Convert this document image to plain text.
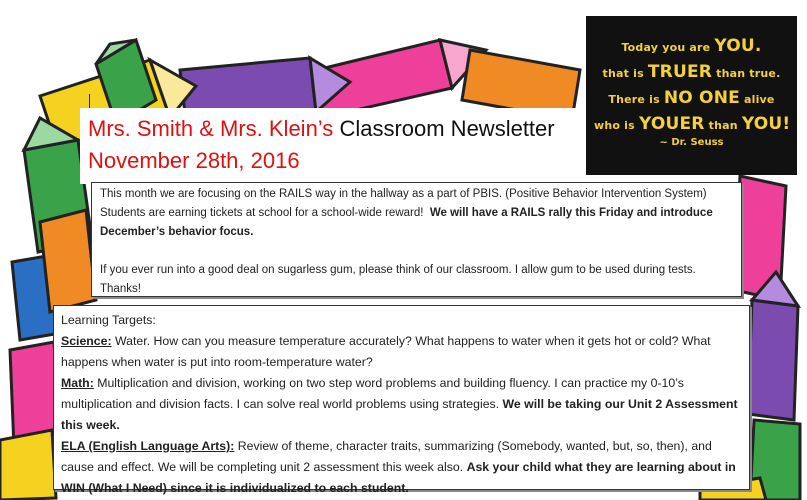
Mrs. Smith & Mrs. Klein’s Classroom Newsletter
November 28th, 2016
Today you are YOU.
that is TRUER than true.
There is NO ONE alive
who is YOUER than YOU!
~ Dr. Seuss

This month we are focusing on the RAILS way in the hallway as a part of PBIS. (Positive Behavior Intervention System) Students are earning tickets at school for a school-wide reward! We will have a RAILS rally this Friday and introduce December’s behavior focus.

If you ever run into a good deal on sugarless gum, please think of our classroom. I allow gum to be used during tests. Thanks!

Learning Targets:

Science: Water. How can you measure temperature accurately? What happens to water when it gets hot or cold? What happens when water is put into room-temperature water?

Math: Multiplication and division, working on two step word problems and building fluency. I can practice my 0-10’s multiplication and division facts. I can solve real world problems using strategies. We will be taking our Unit 2 Assessment this week.

ELA (English Language Arts): Review of theme, character traits, summarizing (Somebody, wanted, but, so, then), and cause and effect. We will be completing unit 2 assessment this week also. Ask your child what they are learning about in WIN (What I Need) since it is individualized to each student.
